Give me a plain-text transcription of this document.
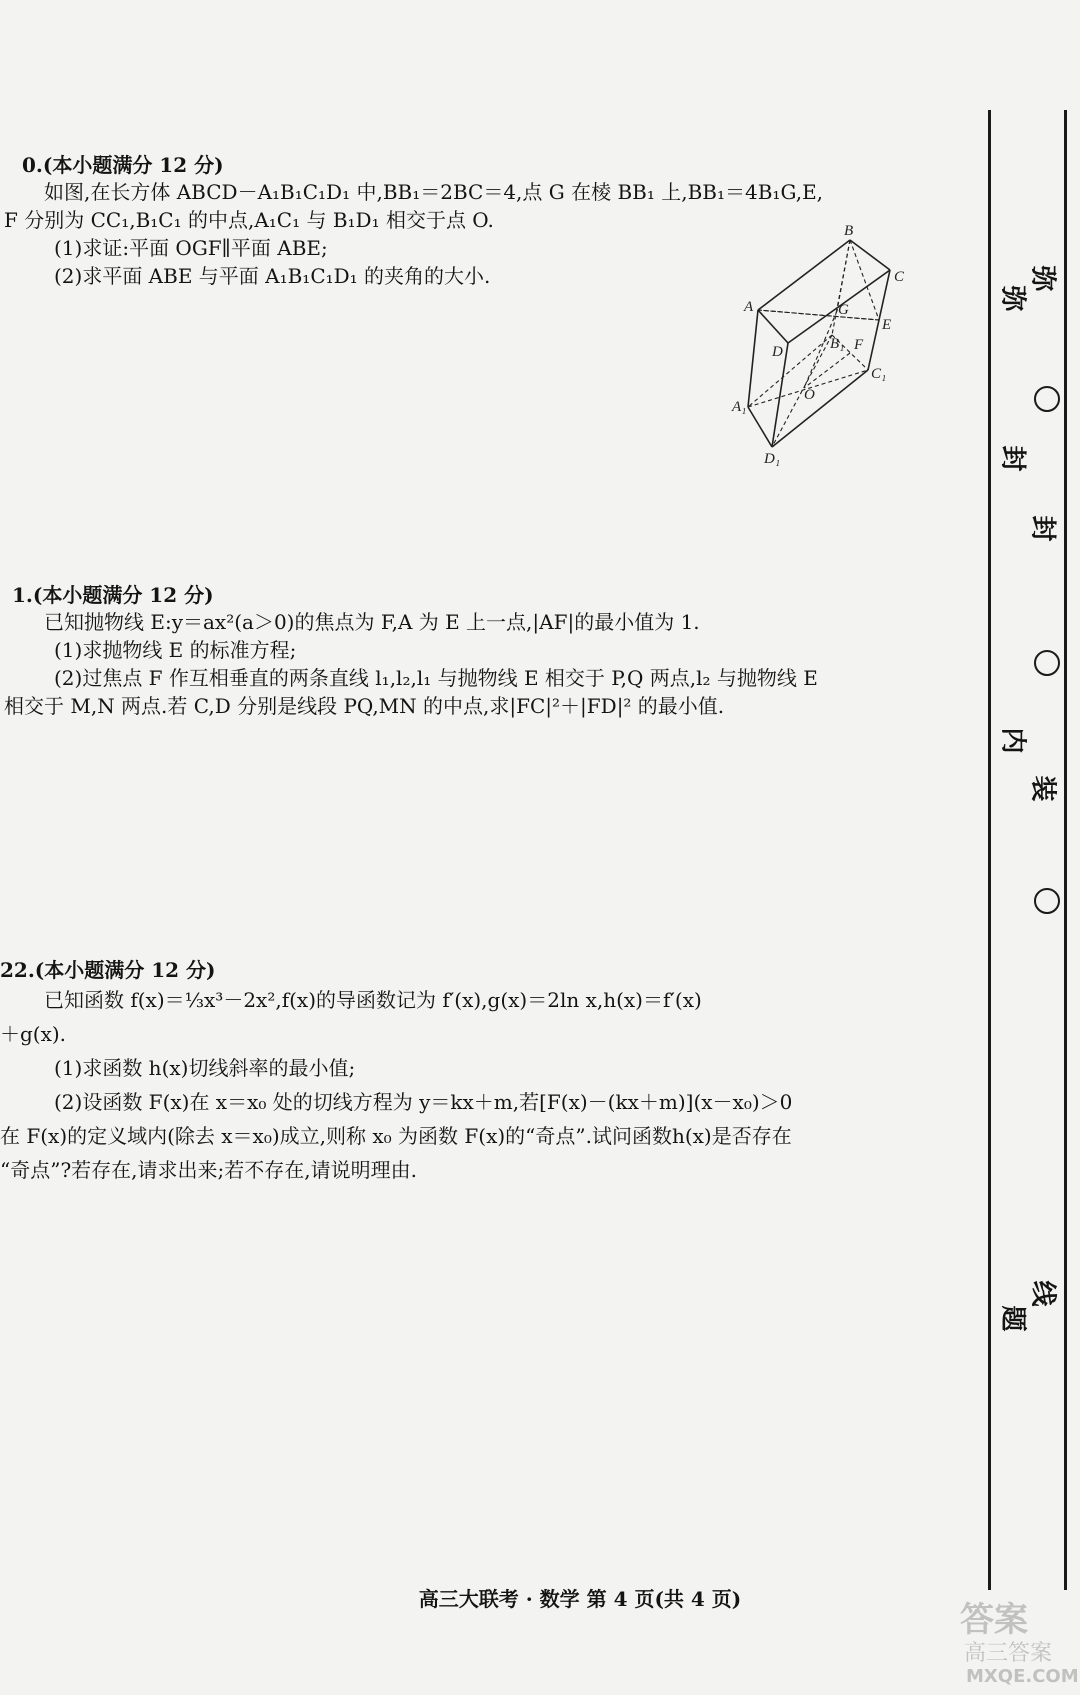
0.(本小题满分 12 分)
如图,在长方体 ABCD－A₁B₁C₁D₁ 中,BB₁＝2BC＝4,点 G 在棱 BB₁ 上,BB₁＝4B₁G,E,
F 分别为 CC₁,B₁C₁ 的中点,A₁C₁ 与 B₁D₁ 相交于点 O.
(1)求证:平面 OGF∥平面 ABE;
(2)求平面 ABE 与平面 A₁B₁C₁D₁ 的夹角的大小.
B
C
A	G
E
D	B₁ F
C₁
A₁
O
D₁
1.(本小题满分 12 分)
已知抛物线 E:y＝ax²(a＞0)的焦点为 F,A 为 E 上一点,|AF|的最小值为 1.
(1)求抛物线 E 的标准方程;
(2)过焦点 F 作互相垂直的两条直线 l₁,l₂,l₁ 与抛物线 E 相交于 P,Q 两点,l₂ 与抛物线 E
相交于 M,N 两点.若 C,D 分别是线段 PQ,MN 的中点,求|FC|²＋|FD|² 的最小值.
22.(本小题满分 12 分)
已知函数 f(x)＝⅓x³－2x²,f(x)的导函数记为 f′(x),g(x)＝2ln x,h(x)＝f′(x)
＋g(x).
(1)求函数 h(x)切线斜率的最小值;
(2)设函数 F(x)在 x＝x₀ 处的切线方程为 y＝kx＋m,若[F(x)－(kx＋m)](x－x₀)＞0
在 F(x)的定义域内(除去 x＝x₀)成立,则称 x₀ 为函数 F(x)的“奇点”.试问函数h(x)是否存在
“奇点”?若存在,请求出来;若不存在,请说明理由.
弥
封
内
题
弥
封
装
线
高三大联考 · 数学 第 4 页(共 4 页)
答案
高三答案
MXQE.COM
